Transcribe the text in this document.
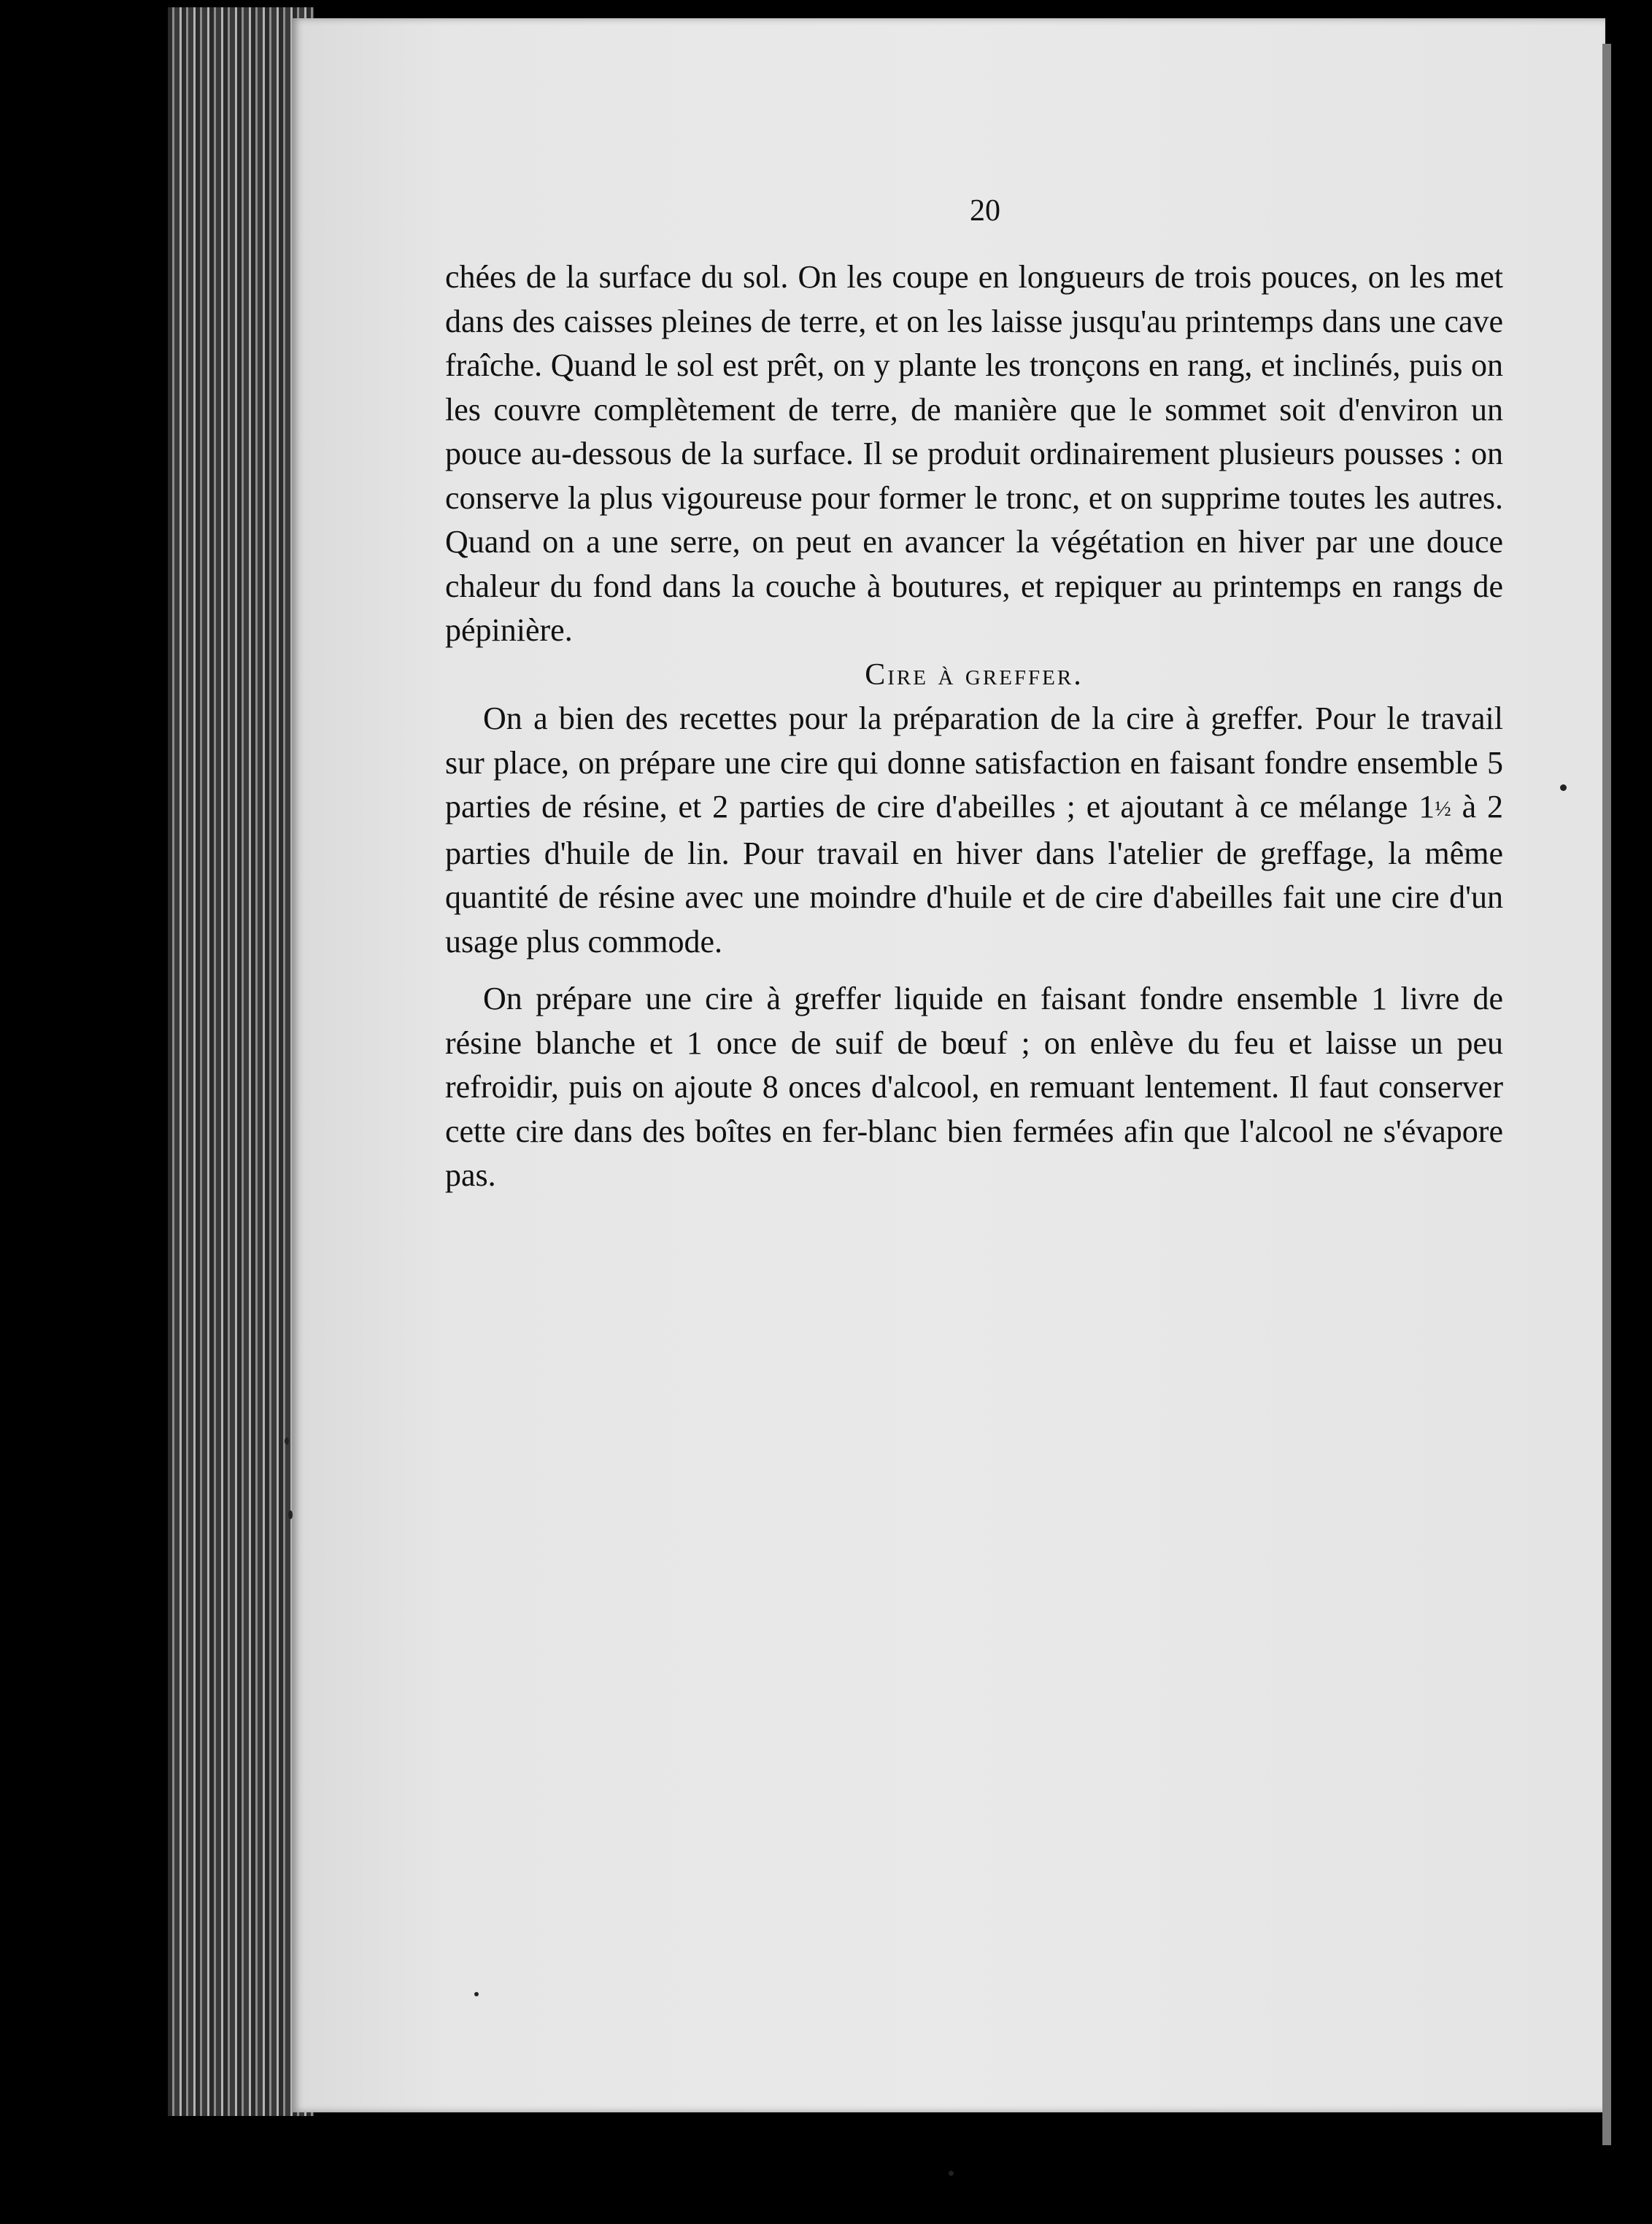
20

chées de la surface du sol. On les coupe en longueurs de trois pouces, on les met dans des caisses pleines de terre, et on les laisse jusqu'au printemps dans une cave fraîche. Quand le sol est prêt, on y plante les tronçons en rang, et inclinés, puis on les couvre complètement de terre, de manière que le sommet soit d'environ un pouce au-dessous de la surface. Il se produit ordinairement plusieurs pousses : on conserve la plus vigoureuse pour former le tronc, et on supprime toutes les autres. Quand on a une serre, on peut en avancer la végétation en hiver par une douce chaleur du fond dans la couche à boutures, et repiquer au printemps en rangs de pépinière.

Cire à greffer.

On a bien des recettes pour la préparation de la cire à greffer. Pour le travail sur place, on prépare une cire qui donne satisfaction en faisant fondre ensemble 5 parties de résine, et 2 parties de cire d'abeilles ; et ajoutant à ce mélange 1½ à 2 parties d'huile de lin. Pour travail en hiver dans l'atelier de greffage, la même quantité de résine avec une moindre d'huile et de cire d'abeilles fait une cire d'un usage plus commode.

On prépare une cire à greffer liquide en faisant fondre ensemble 1 livre de résine blanche et 1 once de suif de bœuf ; on enlève du feu et laisse un peu refroidir, puis on ajoute 8 onces d'alcool, en remuant lentement. Il faut conserver cette cire dans des boîtes en fer-blanc bien fermées afin que l'alcool ne s'évapore pas.
